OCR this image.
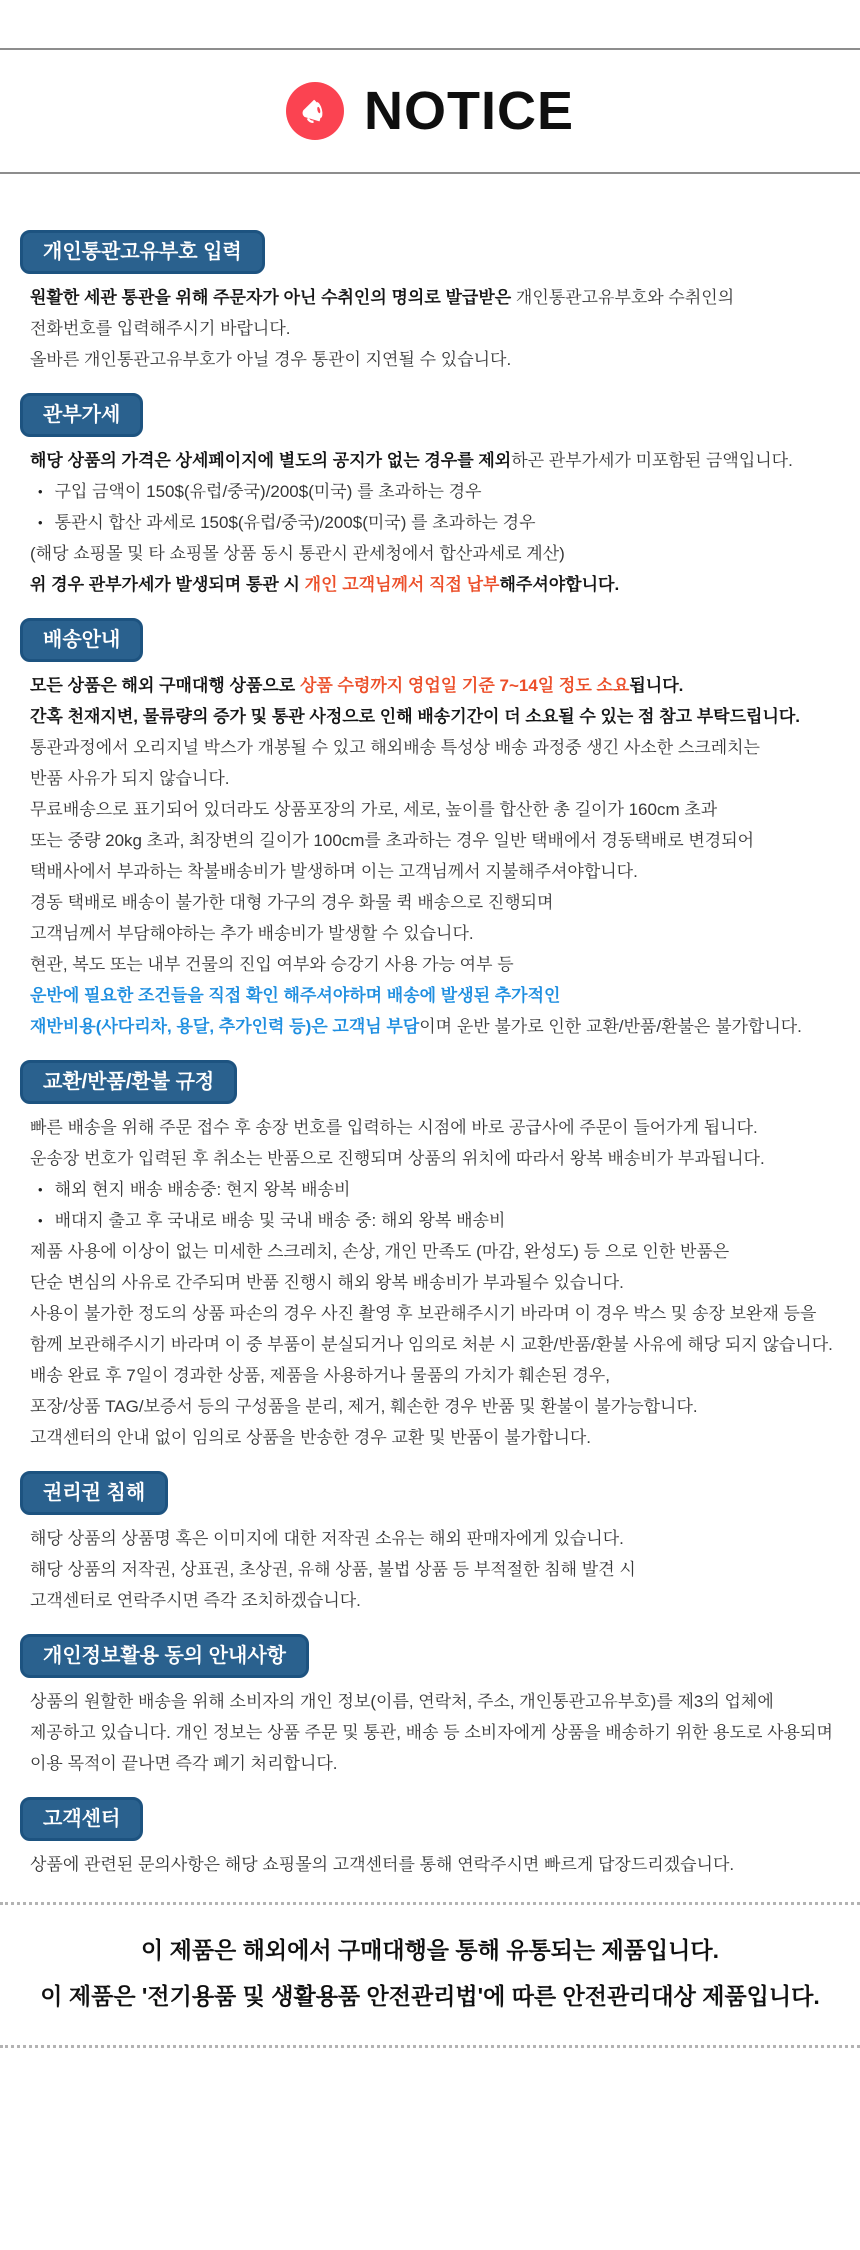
NOTICE
개인통관고유부호 입력
원활한 세관 통관을 위해 주문자가 아닌 수취인의 명의로 발급받은 개인통관고유부호와 수취인의
전화번호를 입력해주시기 바랍니다.
올바른 개인통관고유부호가 아닐 경우 통관이 지연될 수 있습니다.
관부가세
해당 상품의 가격은 상세페이지에 별도의 공지가 없는 경우를 제외하곤 관부가세가 미포함된 금액입니다.
• 구입 금액이 150$(유럽/중국)/200$(미국) 를 초과하는 경우
• 통관시 합산 과세로 150$(유럽/중국)/200$(미국) 를 초과하는 경우
(해당 쇼핑몰 및 타 쇼핑몰 상품 동시 통관시 관세청에서 합산과세로 계산)
위 경우 관부가세가 발생되며 통관 시 개인 고객님께서 직접 납부해주셔야합니다.
배송안내
모든 상품은 해외 구매대행 상품으로 상품 수령까지 영업일 기준 7~14일 정도 소요됩니다.
간혹 천재지변, 물류량의 증가 및 통관 사정으로 인해 배송기간이 더 소요될 수 있는 점 참고 부탁드립니다.
통관과정에서 오리지널 박스가 개봉될 수 있고 해외배송 특성상 배송 과정중 생긴 사소한 스크레치는
반품 사유가 되지 않습니다.
무료배송으로 표기되어 있더라도 상품포장의 가로, 세로, 높이를 합산한 총 길이가 160cm 초과
또는 중량 20kg 초과, 최장변의 길이가 100cm를 초과하는 경우 일반 택배에서 경동택배로 변경되어
택배사에서 부과하는 착불배송비가 발생하며 이는 고객님께서 지불해주셔야합니다.
경동 택배로 배송이 불가한 대형 가구의 경우 화물 퀵 배송으로 진행되며
고객님께서 부담해야하는 추가 배송비가 발생할 수 있습니다.
현관, 복도 또는 내부 건물의 진입 여부와 승강기 사용 가능 여부 등
운반에 필요한 조건들을 직접 확인 해주셔야하며 배송에 발생된 추가적인
재반비용(사다리차, 용달, 추가인력 등)은 고객님 부담이며 운반 불가로 인한 교환/반품/환불은 불가합니다.
교환/반품/환불 규정
빠른 배송을 위해 주문 접수 후 송장 번호를 입력하는 시점에 바로 공급사에 주문이 들어가게 됩니다.
운송장 번호가 입력된 후 취소는 반품으로 진행되며 상품의 위치에 따라서 왕복 배송비가 부과됩니다.
• 해외 현지 배송 배송중: 현지 왕복 배송비
• 배대지 출고 후 국내로 배송 및 국내 배송 중: 해외 왕복 배송비
제품 사용에 이상이 없는 미세한 스크레치, 손상, 개인 만족도 (마감, 완성도) 등 으로 인한 반품은
단순 변심의 사유로 간주되며 반품 진행시 해외 왕복 배송비가 부과될수 있습니다.
사용이 불가한 정도의 상품 파손의 경우 사진 촬영 후 보관해주시기 바라며 이 경우 박스 및 송장 보완재 등을
함께 보관해주시기 바라며 이 중 부품이 분실되거나 임의로 처분 시 교환/반품/환불 사유에 해당 되지 않습니다.
배송 완료 후 7일이 경과한 상품, 제품을 사용하거나 물품의 가치가 훼손된 경우,
포장/상품 TAG/보증서 등의 구성품을 분리, 제거, 훼손한 경우 반품 및 환불이 불가능합니다.
고객센터의 안내 없이 임의로 상품을 반송한 경우 교환 및 반품이 불가합니다.
권리권 침해
해당 상품의 상품명 혹은 이미지에 대한 저작권 소유는 해외 판매자에게 있습니다.
해당 상품의 저작권, 상표권, 초상권, 유해 상품, 불법 상품 등 부적절한 침해 발견 시
고객센터로 연락주시면 즉각 조치하겠습니다.
개인정보활용 동의 안내사항
상품의 원할한 배송을 위해 소비자의 개인 정보(이름, 연락처, 주소, 개인통관고유부호)를 제3의 업체에
제공하고 있습니다. 개인 정보는 상품 주문 및 통관, 배송 등 소비자에게 상품을 배송하기 위한 용도로 사용되며
이용 목적이 끝나면 즉각 폐기 처리합니다.
고객센터
상품에 관련된 문의사항은 해당 쇼핑몰의 고객센터를 통해 연락주시면 빠르게 답장드리겠습니다.
이 제품은 해외에서 구매대행을 통해 유통되는 제품입니다.
이 제품은 '전기용품 및 생활용품 안전관리법'에 따른 안전관리대상 제품입니다.
